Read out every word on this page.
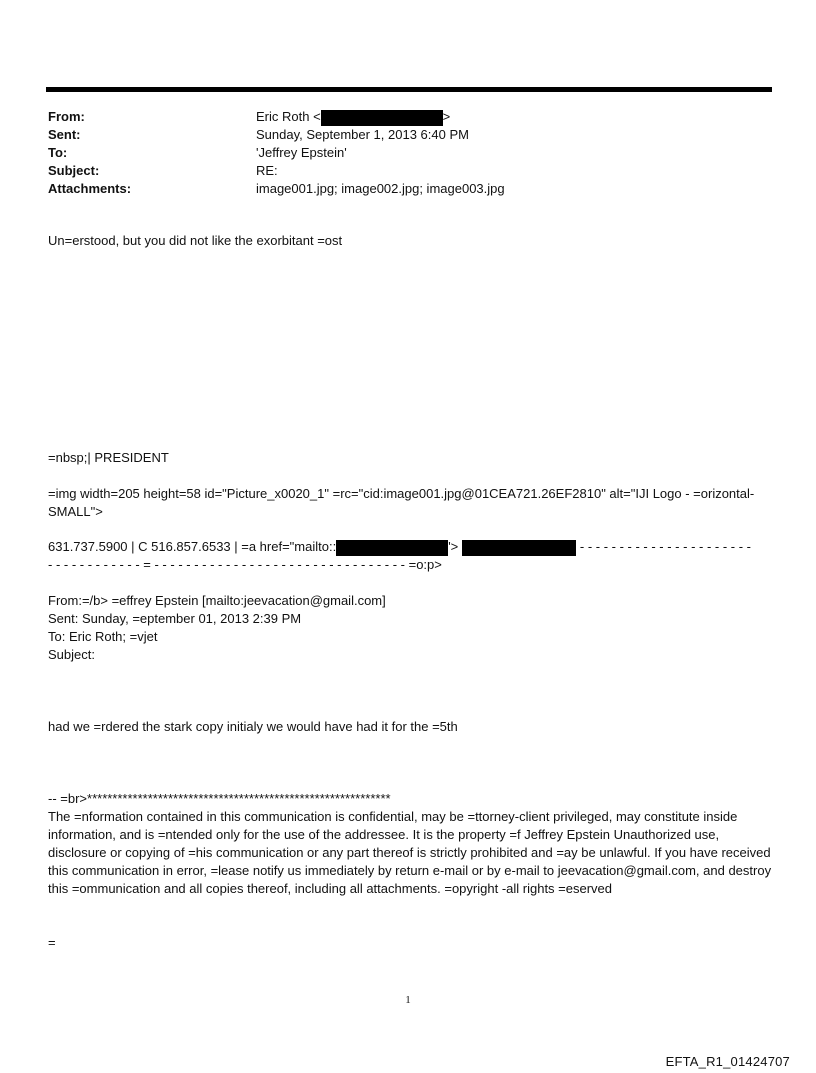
From:	Eric Roth <	>
Sent:	Sunday, September 1, 2013 6:40 PM
To:	'Jeffrey Epstein'
Subject:	RE:
Attachments:	image001.jpg; image002.jpg; image003.jpg
Un=erstood, but you did not like the exorbitant =ost
=nbsp;| PRESIDENT
=img width=205 height=58 id="Picture_x0020_1" =rc="cid:image001.jpg@01CEA721.26EF2810" alt="IJI Logo - =orizontal-SMALL">
631.737.5900 | C 516.857.6533 | =a href="mailto::	'>	- - - - - - - - - - - - - - - - - - - - - -
- - - - - - - - - - - - = - - - - - - - - - - - - - - - - - - - - - - - - - - - - - - - - =o:p>
From:=/b> =effrey Epstein [mailto:jeevacation@gmail.com]
Sent: Sunday, =eptember 01, 2013 2:39 PM
To: Eric Roth; =vjet
Subject:
had we =rdered the stark copy initialy we would have had it for the =5th
-- =br>************************************************************
The =nformation contained in this communication is confidential, may be =ttorney-client privileged, may constitute inside information, and is =ntended only for the use of the addressee. It is the property =f Jeffrey Epstein Unauthorized use, disclosure or copying of =his communication or any part thereof is strictly prohibited and =ay be unlawful. If you have received this communication in error, =lease notify us immediately by return e-mail or by e-mail to jeevacation@gmail.com, and destroy this =ommunication and all copies thereof, including all attachments. =opyright -all rights =eserved
=
1
EFTA_R1_01424707
